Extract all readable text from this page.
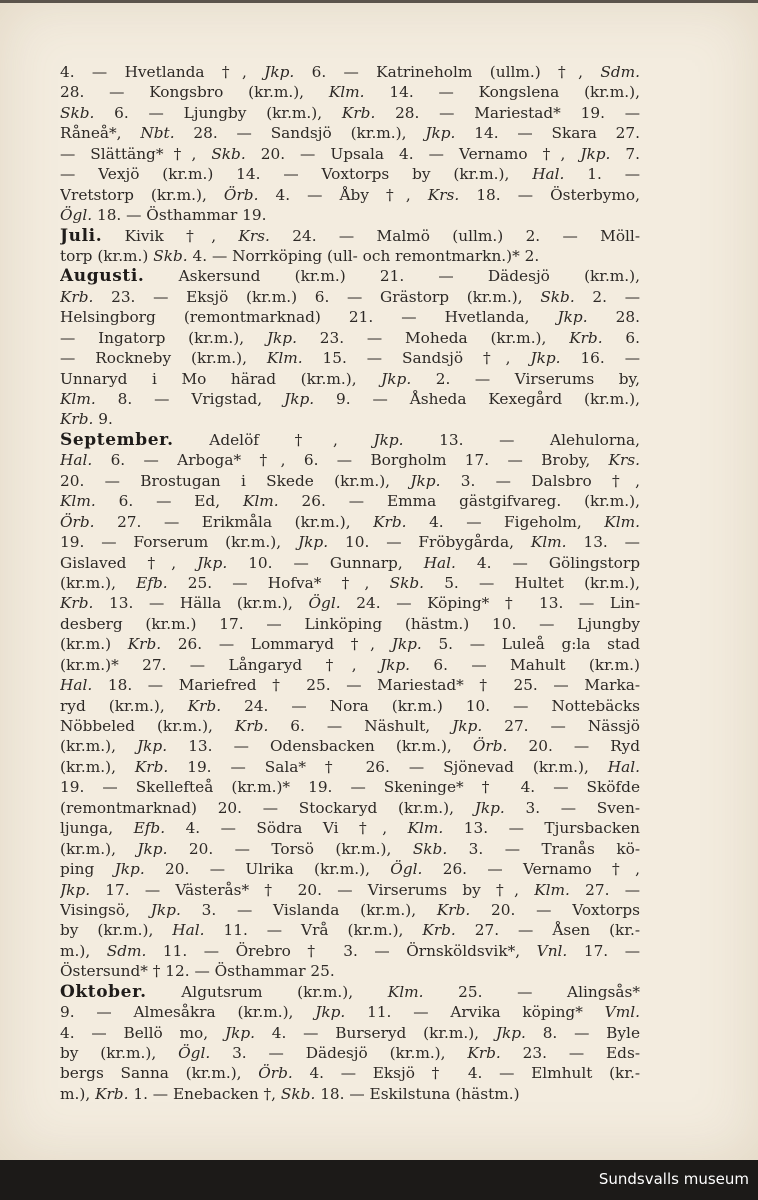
4. — Hvetlanda †, Jkp. 6. — Katrineholm (ullm.) †, Sdm.
28. — Kongsbro (kr.m.), Klm. 14. — Kongslena (kr.m.),
Skb. 6. — Ljungby (kr.m.), Krb. 28. — Mariestad* 19. —
Råneå*, Nbt. 28. — Sandsjö (kr.m.), Jkp. 14. — Skara 27.
— Slättäng*†, Skb. 20. — Upsala 4. — Vernamo †, Jkp. 7.
— Vexjö (kr.m.) 14. — Voxtorps by (kr.m.), Hal. 1. —
Vretstorp (kr.m.), Örb. 4. — Åby †, Krs. 18. — Österbymo,
Ögl. 18. — Östhammar 19.
Juli. Kivik †, Krs. 24. — Malmö (ullm.) 2. — Möll-
torp (kr.m.) Skb. 4. — Norrköping (ull- och remontmarkn.)* 2.
Augusti. Askersund (kr.m.) 21. — Dädesjö (kr.m.),
Krb. 23. — Eksjö (kr.m.) 6. — Grästorp (kr.m.), Skb. 2. —
Helsingborg (remontmarknad) 21. — Hvetlanda, Jkp. 28.
— Ingatorp (kr.m.), Jkp. 23. — Moheda (kr.m.), Krb. 6.
— Rockneby (kr.m.), Klm. 15. — Sandsjö †, Jkp. 16. —
Unnaryd i Mo härad (kr.m.), Jkp. 2. — Virserums by,
Klm. 8. — Vrigstad, Jkp. 9. — Åsheda Kexegård (kr.m.),
Krb. 9.
September. Adelöf †, Jkp. 13. — Alehulorna,
Hal. 6. — Arboga* †, 6. — Borgholm 17. — Broby, Krs.
20. — Brostugan i Skede (kr.m.), Jkp. 3. — Dalsbro †,
Klm. 6. — Ed, Klm. 26. — Emma gästgifvareg. (kr.m.),
Örb. 27. — Erikmåla (kr.m.), Krb. 4. — Figeholm, Klm.
19. — Forserum (kr.m.), Jkp. 10. — Fröbygårda, Klm. 13. —
Gislaved †, Jkp. 10. — Gunnarp, Hal. 4. — Gölingstorp
(kr.m.), Efb. 25. — Hofva* †, Skb. 5. — Hultet (kr.m.),
Krb. 13. — Hälla (kr.m.), Ögl. 24. — Köping* † 13. — Lin-
desberg (kr.m.) 17. — Linköping (hästm.) 10. — Ljungby
(kr.m.) Krb. 26. — Lommaryd †, Jkp. 5. — Luleå g:la stad
(kr.m.)* 27. — Långaryd †, Jkp. 6. — Mahult (kr.m.)
Hal. 18. — Mariefred † 25. — Mariestad* † 25. — Marka-
ryd (kr.m.), Krb. 24. — Nora (kr.m.) 10. — Nottebäcks
Nöbbeled (kr.m.), Krb. 6. — Näshult, Jkp. 27. — Nässjö
(kr.m.), Jkp. 13. — Odensbacken (kr.m.), Örb. 20. — Ryd
(kr.m.), Krb. 19. — Sala* † 26. — Sjönevad (kr.m.), Hal.
19. — Skellefteå (kr.m.)* 19. — Skeninge* † 4. — Sköfde
(remontmarknad) 20. — Stockaryd (kr.m.), Jkp. 3. — Sven-
ljunga, Efb. 4. — Södra Vi †, Klm. 13. — Tjursbacken
(kr.m.), Jkp. 20. — Torsö (kr.m.), Skb. 3. — Tranås kö-
ping Jkp. 20. — Ulrika (kr.m.), Ögl. 26. — Vernamo †,
Jkp. 17. — Västerås* † 20. — Virserums by †, Klm. 27. —
Visingsö, Jkp. 3. — Vislanda (kr.m.), Krb. 20. — Voxtorps
by (kr.m.), Hal. 11. — Vrå (kr.m.), Krb. 27. — Åsen (kr.-
m.), Sdm. 11. — Örebro † 3. — Örnsköldsvik*, Vnl. 17. —
Östersund* † 12. — Östhammar 25.
Oktober. Algutsrum (kr.m.), Klm. 25. — Alingsås*
9. — Almesåkra (kr.m.), Jkp. 11. — Arvika köping* Vml.
4. — Bellö mo, Jkp. 4. — Burseryd (kr.m.), Jkp. 8. — Byle
by (kr.m.), Ögl. 3. — Dädesjö (kr.m.), Krb. 23. — Eds-
bergs Sanna (kr.m.), Örb. 4. — Eksjö † 4. — Elmhult (kr.-
m.), Krb. 1. — Enebacken †, Skb. 18. — Eskilstuna (hästm.)
Sundsvalls museum
